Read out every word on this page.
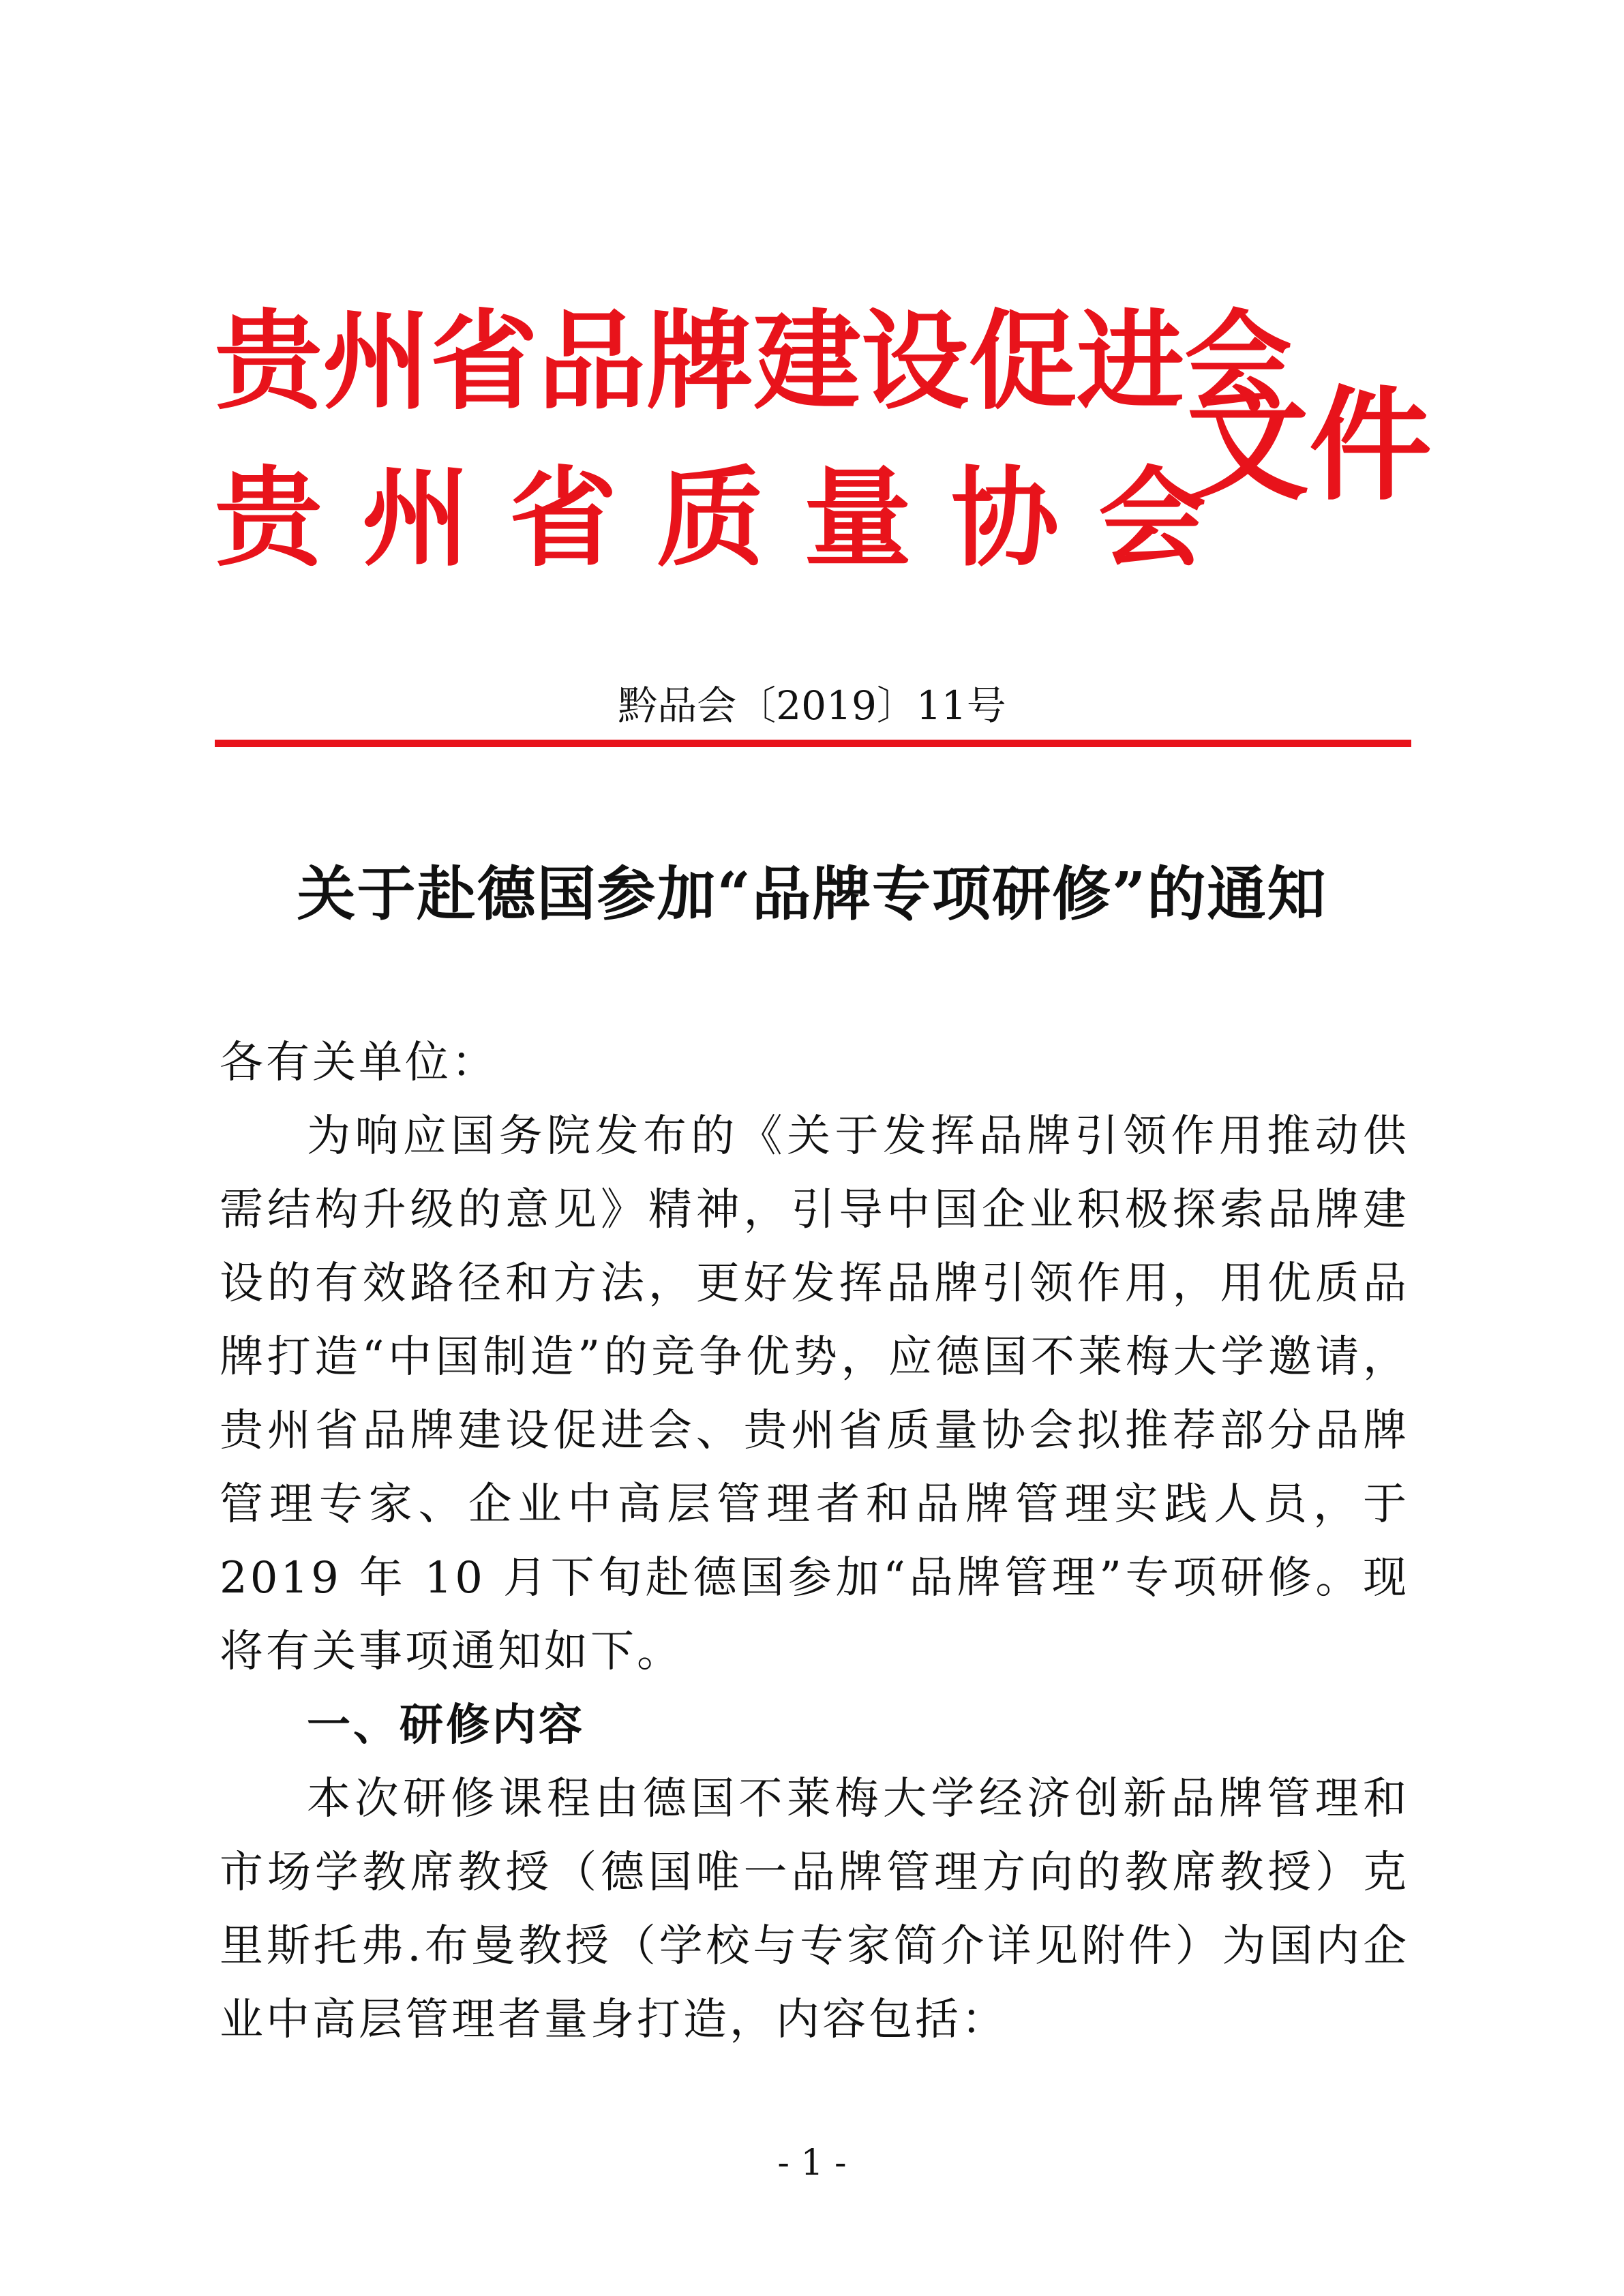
贵州省品牌建设促进会
贵州省质量协会
文件
黔品会〔2019〕11号
关于赴德国参加“品牌专项研修”的通知

各有关单位：

为响应国务院发布的《关于发挥品牌引领作用推动供需结构升级的意见》精神，引导中国企业积极探索品牌建设的有效路径和方法，更好发挥品牌引领作用，用优质品牌打造“中国制造”的竞争优势，应德国不莱梅大学邀请，贵州省品牌建设促进会、贵州省质量协会拟推荐部分品牌管理专家、企业中高层管理者和品牌管理实践人员，于 2019 年 10 月下旬赴德国参加“品牌管理”专项研修。现将有关事项通知如下。

一、研修内容

本次研修课程由德国不莱梅大学经济创新品牌管理和市场学教席教授（德国唯一品牌管理方向的教席教授）克里斯托弗.布曼教授（学校与专家简介详见附件）为国内企业中高层管理者量身打造，内容包括：

- 1 -
